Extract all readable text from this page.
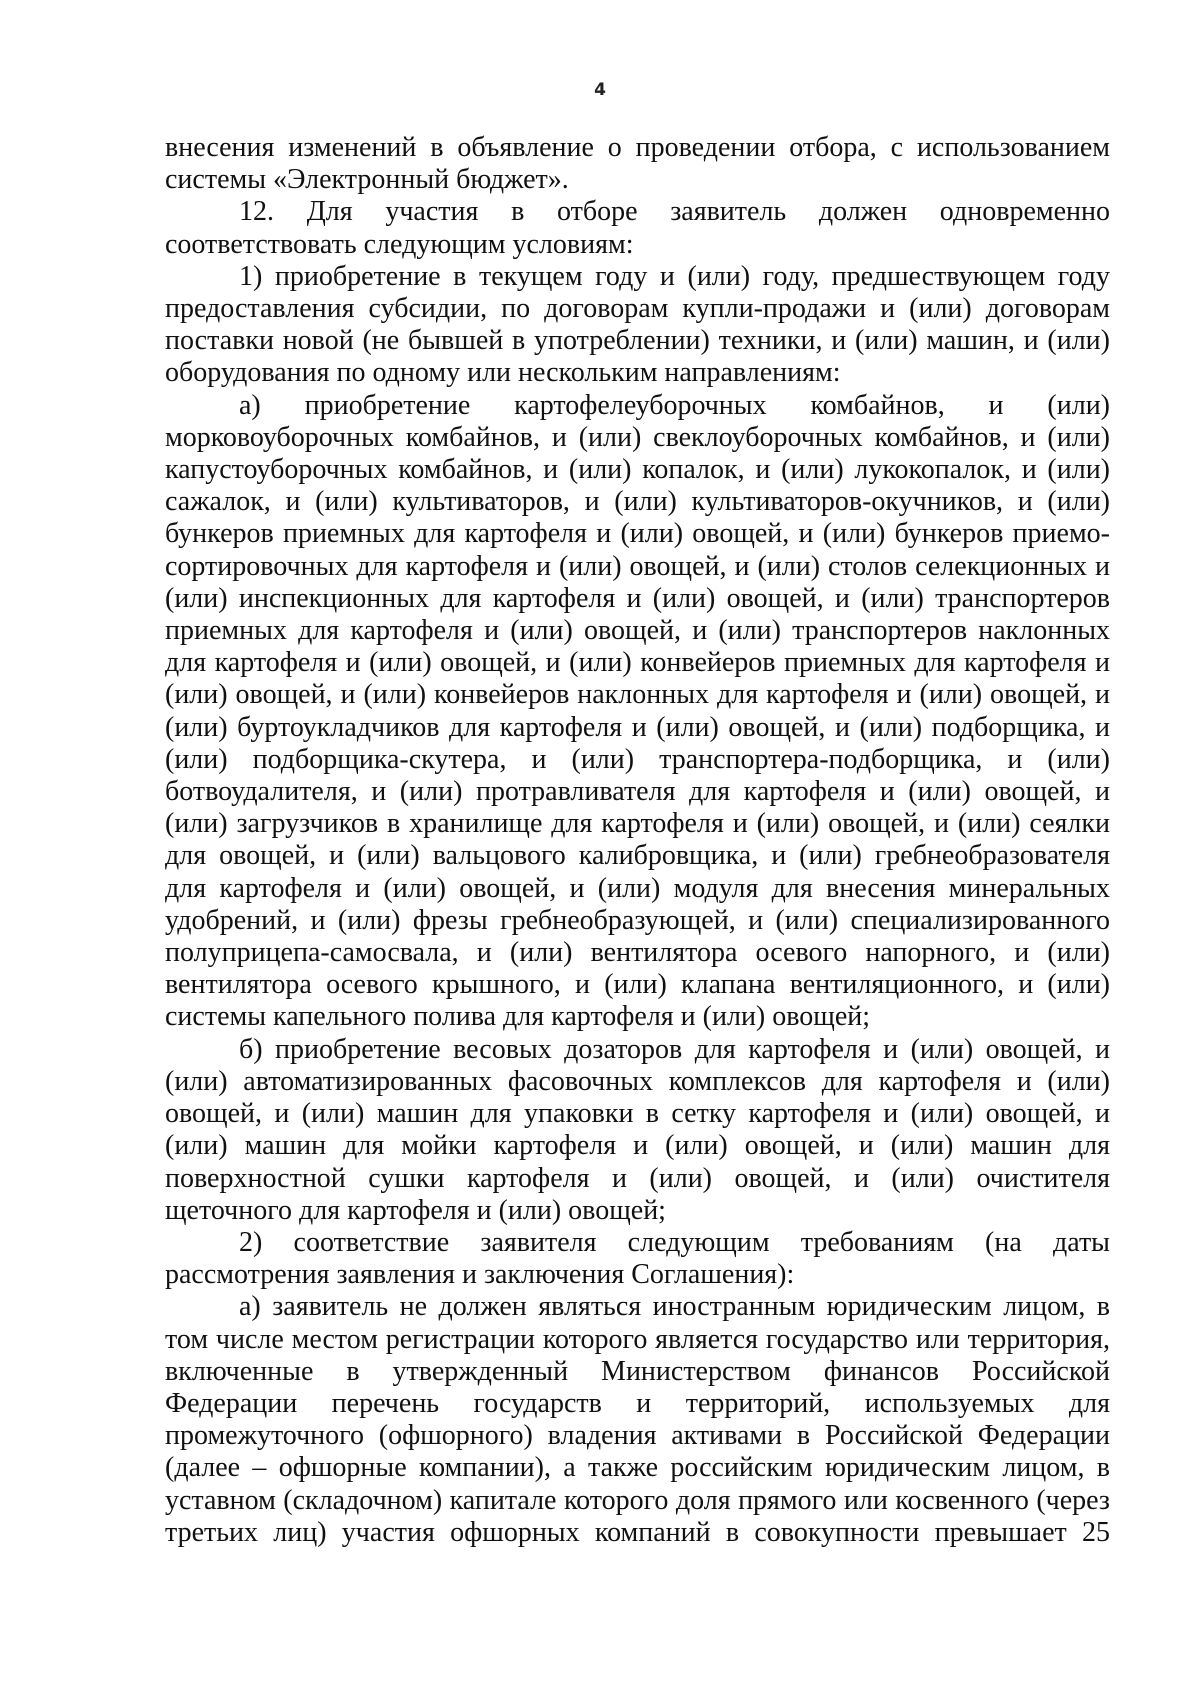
4

внесения изменений в объявление о проведении отбора, с использованием системы «Электронный бюджет».

12. Для участия в отборе заявитель должен одновременно соответствовать следующим условиям:

1) приобретение в текущем году и (или) году, предшествующем году предоставления субсидии, по договорам купли-продажи и (или) договорам поставки новой (не бывшей в употреблении) техники, и (или) машин, и (или) оборудования по одному или нескольким направлениям:

а) приобретение картофелеуборочных комбайнов, и (или) морковоуборочных комбайнов, и (или) свеклоуборочных комбайнов, и (или) капустоуборочных комбайнов, и (или) копалок, и (или) лукокопалок, и (или) сажалок, и (или) культиваторов, и (или) культиваторов-окучников, и (или) бункеров приемных для картофеля и (или) овощей, и (или) бункеров приемо-сортировочных для картофеля и (или) овощей, и (или) столов селекционных и (или) инспекционных для картофеля и (или) овощей, и (или) транспортеров приемных для картофеля и (или) овощей, и (или) транспортеров наклонных для картофеля и (или) овощей, и (или) конвейеров приемных для картофеля и (или) овощей, и (или) конвейеров наклонных для картофеля и (или) овощей, и (или) буртоукладчиков для картофеля и (или) овощей, и (или) подборщика, и (или) подборщика-скутера, и (или) транспортера-подборщика, и (или) ботвоудалителя, и (или) протравливателя для картофеля и (или) овощей, и (или) загрузчиков в хранилище для картофеля и (или) овощей, и (или) сеялки для овощей, и (или) вальцового калибровщика, и (или) гребнеобразователя для картофеля и (или) овощей, и (или) модуля для внесения минеральных удобрений, и (или) фрезы гребнеобразующей, и (или) специализированного полуприцепа-самосвала, и (или) вентилятора осевого напорного, и (или) вентилятора осевого крышного, и (или) клапана вентиляционного, и (или) системы капельного полива для картофеля и (или) овощей;

б) приобретение весовых дозаторов для картофеля и (или) овощей, и (или) автоматизированных фасовочных комплексов для картофеля и (или) овощей, и (или) машин для упаковки в сетку картофеля и (или) овощей, и (или) машин для мойки картофеля и (или) овощей, и (или) машин для поверхностной сушки картофеля и (или) овощей, и (или) очистителя щеточного для картофеля и (или) овощей;

2) соответствие заявителя следующим требованиям (на даты рассмотрения заявления и заключения Соглашения):

а) заявитель не должен являться иностранным юридическим лицом, в том числе местом регистрации которого является государство или территория, включенные в утвержденный Министерством финансов Российской Федерации перечень государств и территорий, используемых для промежуточного (офшорного) владения активами в Российской Федерации (далее – офшорные компании), а также российским юридическим лицом, в уставном (складочном) капитале которого доля прямого или косвенного (через третьих лиц) участия офшорных компаний в совокупности превышает 25
